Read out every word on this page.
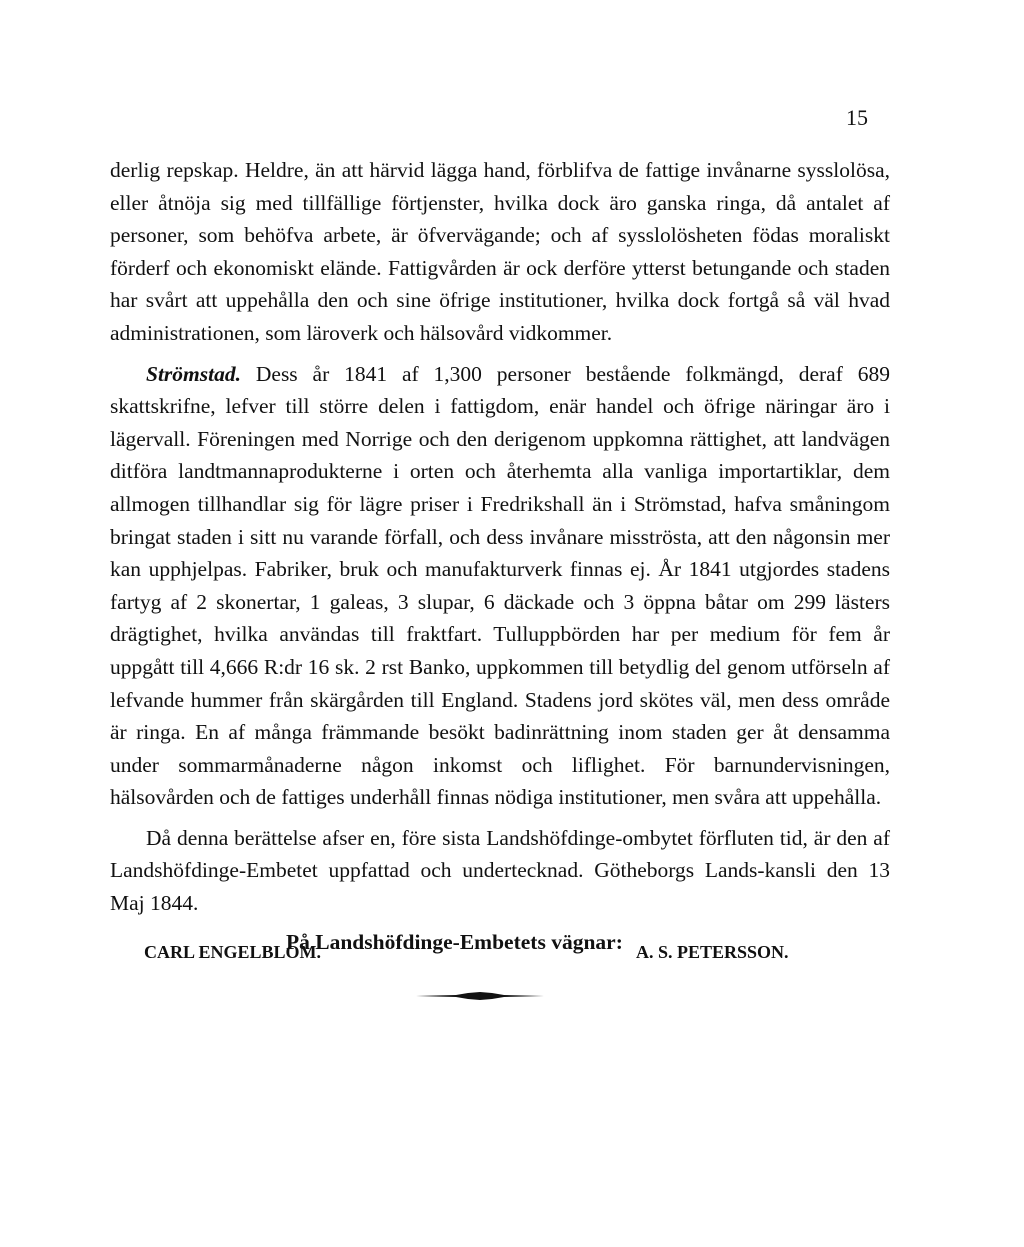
15

derlig repskap. Heldre, än att härvid lägga hand, förblifva de fattige invånarne sysslolösa, eller åtnöja sig med tillfällige förtjenster, hvilka dock äro ganska ringa, då antalet af personer, som behöfva arbete, är öfvervägande; och af sysslolösheten födas moraliskt förderf och ekonomiskt elände. Fattigvården är ock derföre ytterst betungande och staden har svårt att uppehålla den och sine öfrige institutioner, hvilka dock fortgå så väl hvad administrationen, som läroverk och hälsovård vidkommer.

Strömstad. Dess år 1841 af 1,300 personer bestående folkmängd, deraf 689 skattskrifne, lefver till större delen i fattigdom, enär handel och öfrige näringar äro i lägervall. Föreningen med Norrige och den derigenom uppkomna rättighet, att landvägen ditföra landtmannaprodukterne i orten och återhemta alla vanliga importartiklar, dem allmogen tillhandlar sig för lägre priser i Fredrikshall än i Strömstad, hafva småningom bringat staden i sitt nu varande förfall, och dess invånare misströsta, att den någonsin mer kan upphjelpas. Fabriker, bruk och manufakturverk finnas ej. År 1841 utgjordes stadens fartyg af 2 skonertar, 1 galeas, 3 slupar, 6 däckade och 3 öppna båtar om 299 lästers drägtighet, hvilka användas till fraktfart. Tulluppbörden har per medium för fem år uppgått till 4,666 R:dr 16 sk. 2 rst Banko, uppkommen till betydlig del genom utförseln af lefvande hummer från skärgården till England. Stadens jord skötes väl, men dess område är ringa. En af många främmande besökt badinrättning inom staden ger åt densamma under sommarmånaderne någon inkomst och liflighet. För barnundervisningen, hälsovården och de fattiges underhåll finnas nödiga institutioner, men svåra att uppehålla.

Då denna berättelse afser en, före sista Landshöfdinge-ombytet förfluten tid, är den af Landshöfdinge-Embetet uppfattad och undertecknad. Götheborgs Lands-kansli den 13 Maj 1844.

På Landshöfdinge-Embetets vägnar:

CARL ENGELBLOM.	A. S. PETERSSON.
